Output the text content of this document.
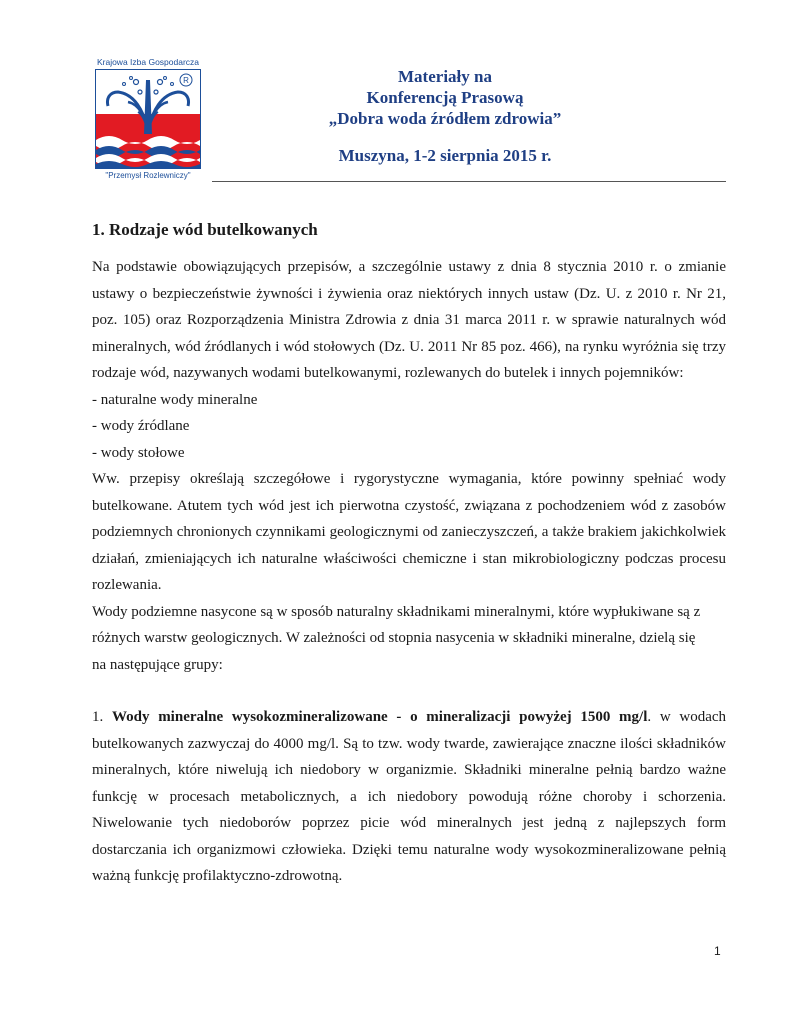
Krajowa Izba Gospodarcza
R
"Przemysł Rozlewniczy"
Materiały na
Konferencją Prasową
„Dobra woda źródłem zdrowia”
Muszyna, 1-2 sierpnia 2015 r.
1. Rodzaje wód butelkowanych

Na podstawie obowiązujących przepisów, a szczególnie ustawy z dnia 8 stycznia 2010 r. o zmianie ustawy o bezpieczeństwie żywności i żywienia oraz niektórych innych ustaw (Dz. U. z 2010 r. Nr 21, poz. 105) oraz Rozporządzenia Ministra Zdrowia z dnia 31 marca 2011 r. w sprawie naturalnych wód mineralnych, wód źródlanych i wód stołowych (Dz. U. 2011 Nr 85 poz. 466), na rynku wyróżnia się trzy rodzaje wód, nazywanych wodami butelkowanymi, rozlewanych do butelek i innych pojemników:

- naturalne wody mineralne

- wody źródlane

- wody stołowe

Ww. przepisy określają szczegółowe i rygorystyczne wymagania, które powinny spełniać wody butelkowane. Atutem tych wód jest ich pierwotna czystość, związana z pochodzeniem wód z zasobów podziemnych chronionych czynnikami geologicznymi od zanieczyszczeń, a także brakiem jakichkolwiek działań, zmieniających ich naturalne właściwości chemiczne i stan mikrobiologiczny podczas procesu rozlewania.

Wody podziemne nasycone są w sposób naturalny składnikami mineralnymi, które wypłukiwane są z

różnych warstw geologicznych. W zależności od stopnia nasycenia w składniki mineralne, dzielą się

na następujące grupy:

1. Wody mineralne wysokozmineralizowane - o mineralizacji powyżej 1500 mg/l. w wodach butelkowanych zazwyczaj do 4000 mg/l. Są to tzw. wody twarde, zawierające znaczne ilości składników mineralnych, które niwelują ich niedobory w organizmie. Składniki mineralne pełnią bardzo ważne funkcję w procesach metabolicznych, a ich niedobory powodują różne choroby i schorzenia. Niwelowanie tych niedoborów poprzez picie wód mineralnych jest jedną z najlepszych form dostarczania ich organizmowi człowieka. Dzięki temu naturalne wody wysokozmineralizowane pełnią ważną funkcję profilaktyczno-zdrowotną.

1
